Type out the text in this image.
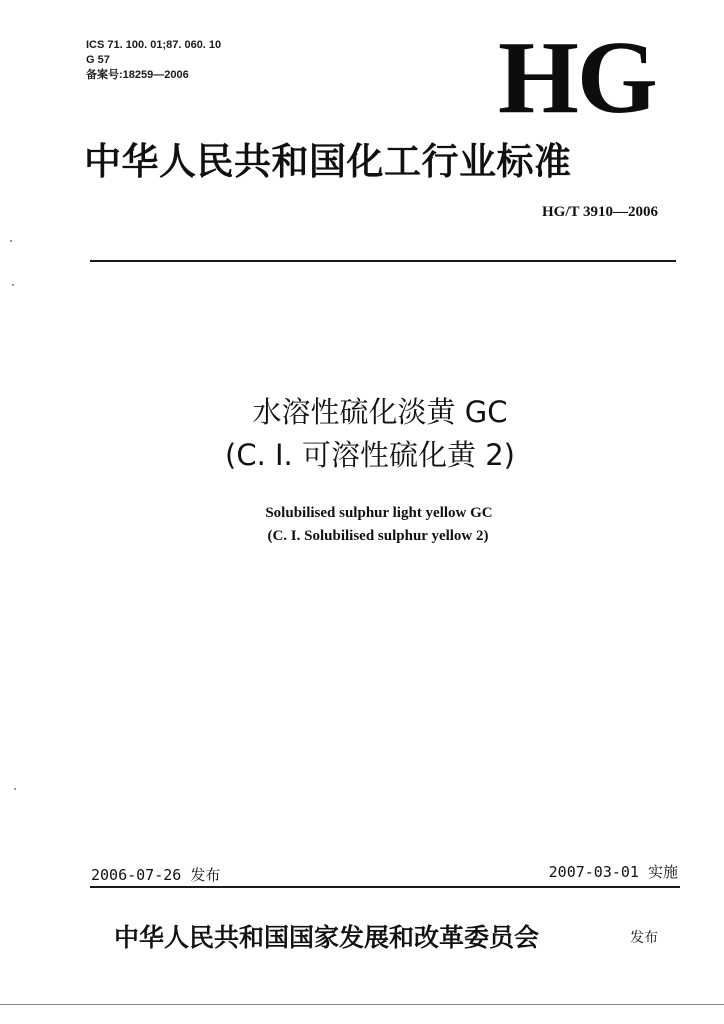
ICS 71. 100. 01;87. 060. 10
G 57
备案号:18259—2006	HG
中华人民共和国化工行业标准
HG/T 3910—2006
水溶性硫化淡黄 GC
(C. I. 可溶性硫化黄 2)
Solubilised sulphur light yellow GC
(C. I. Solubilised sulphur yellow 2)
2006-07-26 发布	2007-03-01 实施
中华人民共和国国家发展和改革委员会	发布
